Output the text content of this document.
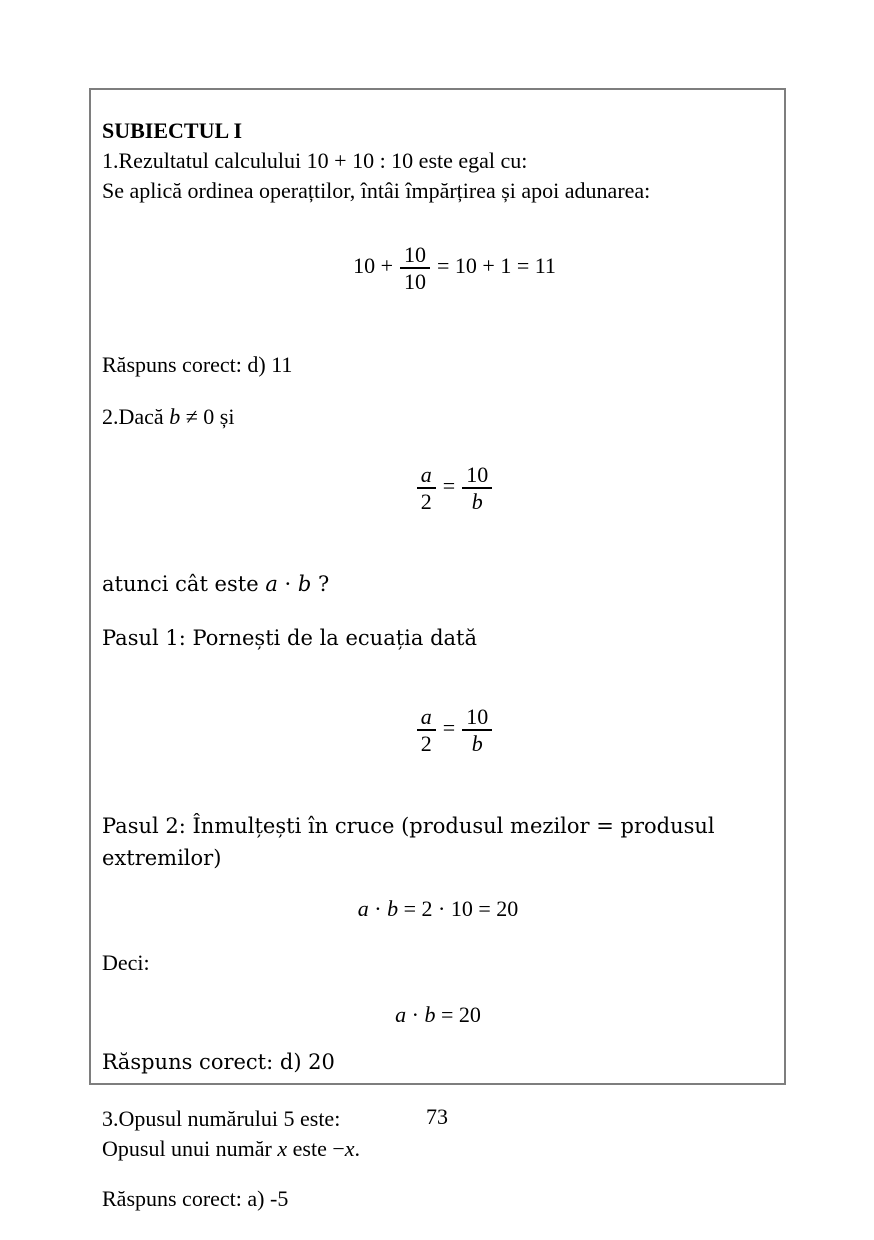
SUBIECTUL I
1.Rezultatul calculului 10 + 10 : 10 este egal cu:
Se aplică ordinea operațtilor, întâi împărțirea și apoi adunarea:

$10 + \frac{10}{10} = 10 + 1 = 11$

Răspuns corect: d) 11
2.Dacă b ≠ 0 și

$\frac{a}{2} = \frac{10}{b}$

atunci cât este a · b ?
Pasul 1: Pornești de la ecuația dată

$\frac{a}{2} = \frac{10}{b}$

Pasul 2: Înmulțești în cruce (produsul mezilor = produsul extremilor)
a · b = 2 · 10 = 20
Deci:
a · b = 20
Răspuns corect: d) 20
3.Opusul numărului 5 este:
Opusul unui număr x este −x.
Răspuns corect: a) -5
73
